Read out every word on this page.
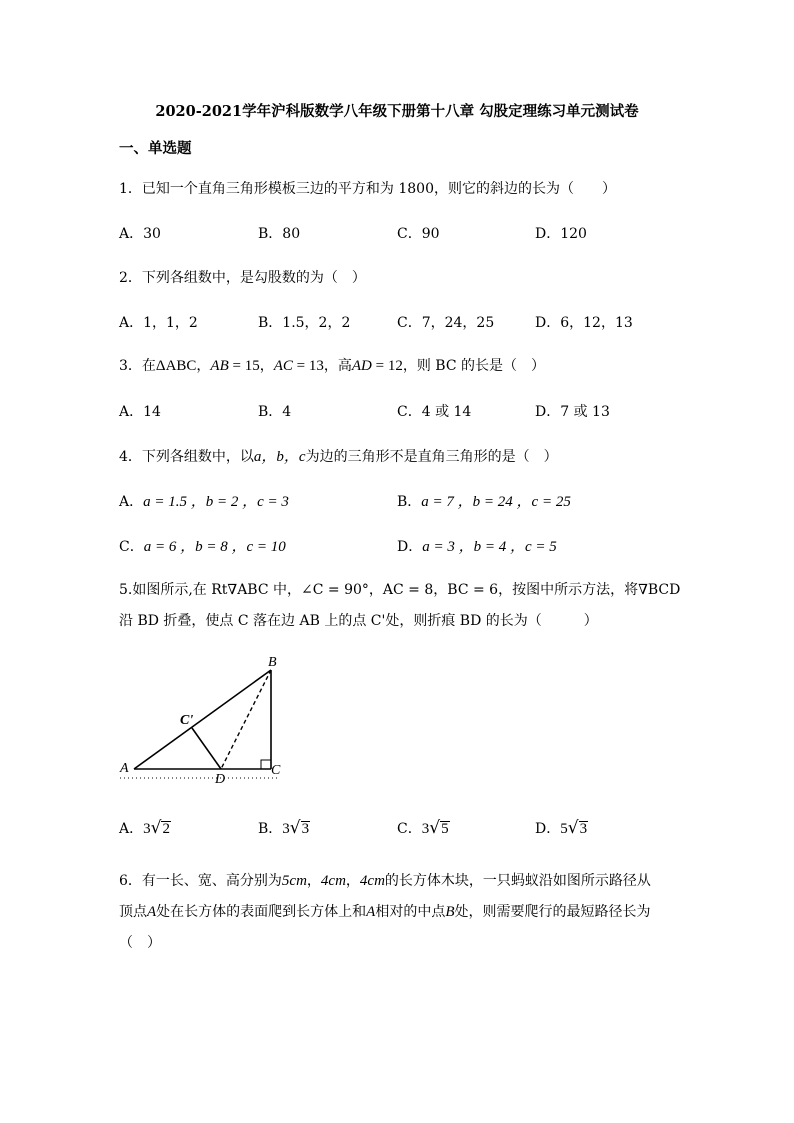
2020-2021学年沪科版数学八年级下册第十八章 勾股定理练习单元测试卷
一、单选题
1．已知一个直角三角形模板三边的平方和为 1800，则它的斜边的长为（　　）
A．30	B．80	C．90	D．120
2．下列各组数中，是勾股数的为（　）
A．1，1，2	B．1.5，2，2	C．7，24，25	D．6，12，13
3．在ΔABC，AB = 15，AC = 13，高AD = 12，则 BC 的长是（　）
A．14	B．4	C．4 或 14	D．7 或 13
4．下列各组数中，以a，b，c为边的三角形不是直角三角形的是（　）
A．a = 1.5 ，b = 2 ，c = 3	B．a = 7 ，b = 24 ，c = 25
C．a = 6 ，b = 8 ，c = 10	D．a = 3 ，b = 4 ，c = 5
5.如图所示,在 Rt∇ABC 中，∠C = 90°，AC = 8，BC = 6，按图中所示方法，将∇BCD
沿 BD 折叠，使点 C 落在边 AB 上的点 C'处，则折痕 BD 的长为（　　　）
A
B
C
D
C'
A．3√2	B．3√3	C．3√5	D．5√3
6．有一长、宽、高分别为5cm，4cm，4cm的长方体木块，一只蚂蚁沿如图所示路径从
顶点A处在长方体的表面爬到长方体上和A相对的中点B处，则需要爬行的最短路径长为
（　）
